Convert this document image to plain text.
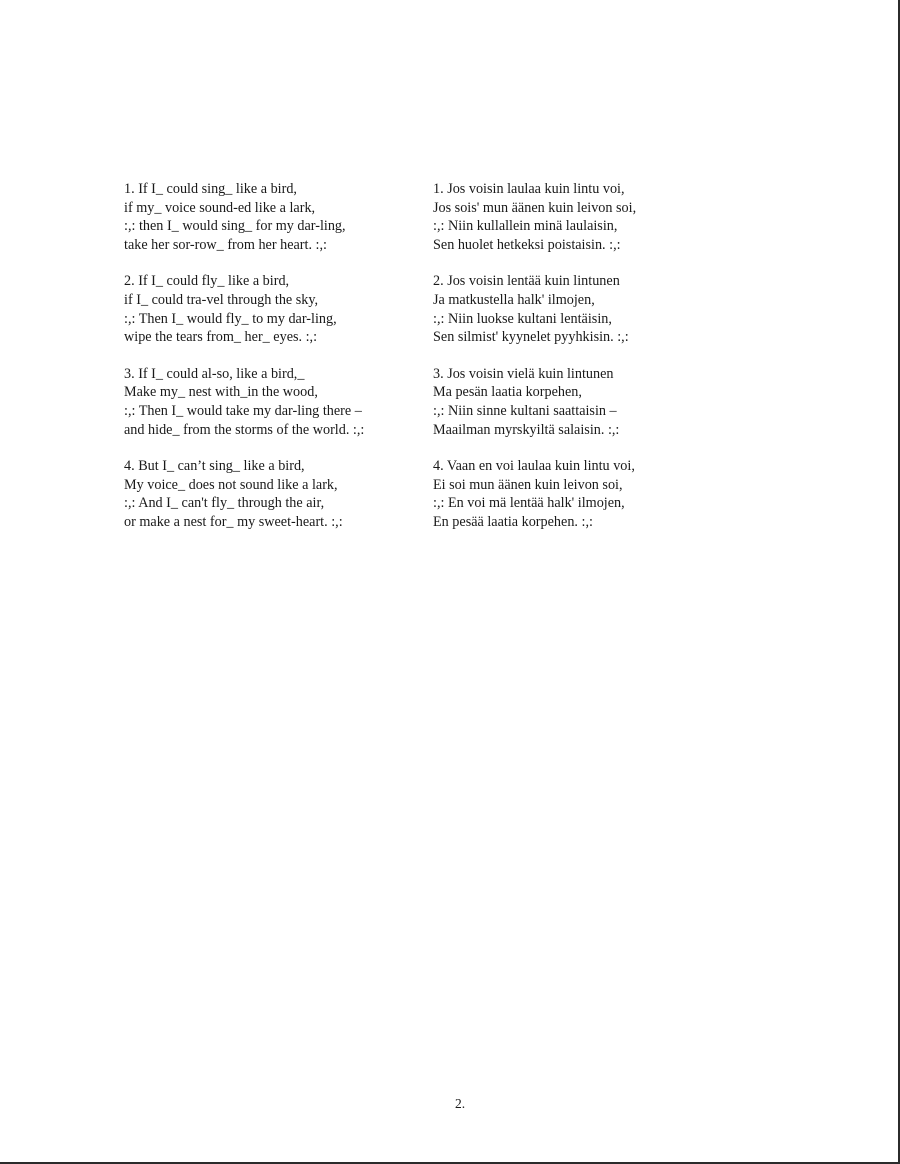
1. If I_ could sing_ like a bird,
if my_ voice sound-ed like a lark,
:,: then I_ would sing_ for my dar-ling,
take her sor-row_ from her heart. :,:
2. If I_ could fly_ like a bird,
if I_ could tra-vel through the sky,
:,: Then I_ would fly_ to my dar-ling,
wipe the tears from_ her_ eyes. :,:
3. If I_ could al-so, like a bird,_
Make my_ nest with_in the wood,
:,: Then I_ would take my dar-ling there –
and hide_ from the storms of the world. :,:
4. But I_ can’t sing_ like a bird,
My voice_ does not sound like a lark,
:,: And I_ can't fly_ through the air,
or make a nest for_ my sweet-heart. :,:
1. Jos voisin laulaa kuin lintu voi,
Jos sois' mun äänen kuin leivon soi,
:,: Niin kullallein minä laulaisin,
Sen huolet hetkeksi poistaisin. :,:
2. Jos voisin lentää kuin lintunen
Ja matkustella halk' ilmojen,
:,: Niin luokse kultani lentäisin,
Sen silmist' kyynelet pyyhkisin. :,:
3. Jos voisin vielä kuin lintunen
Ma pesän laatia korpehen,
:,: Niin sinne kultani saattaisin –
Maailman myrskyiltä salaisin. :,:
4. Vaan en voi laulaa kuin lintu voi,
Ei soi mun äänen kuin leivon soi,
:,: En voi mä lentää halk' ilmojen,
En pesää laatia korpehen. :,:
2.
